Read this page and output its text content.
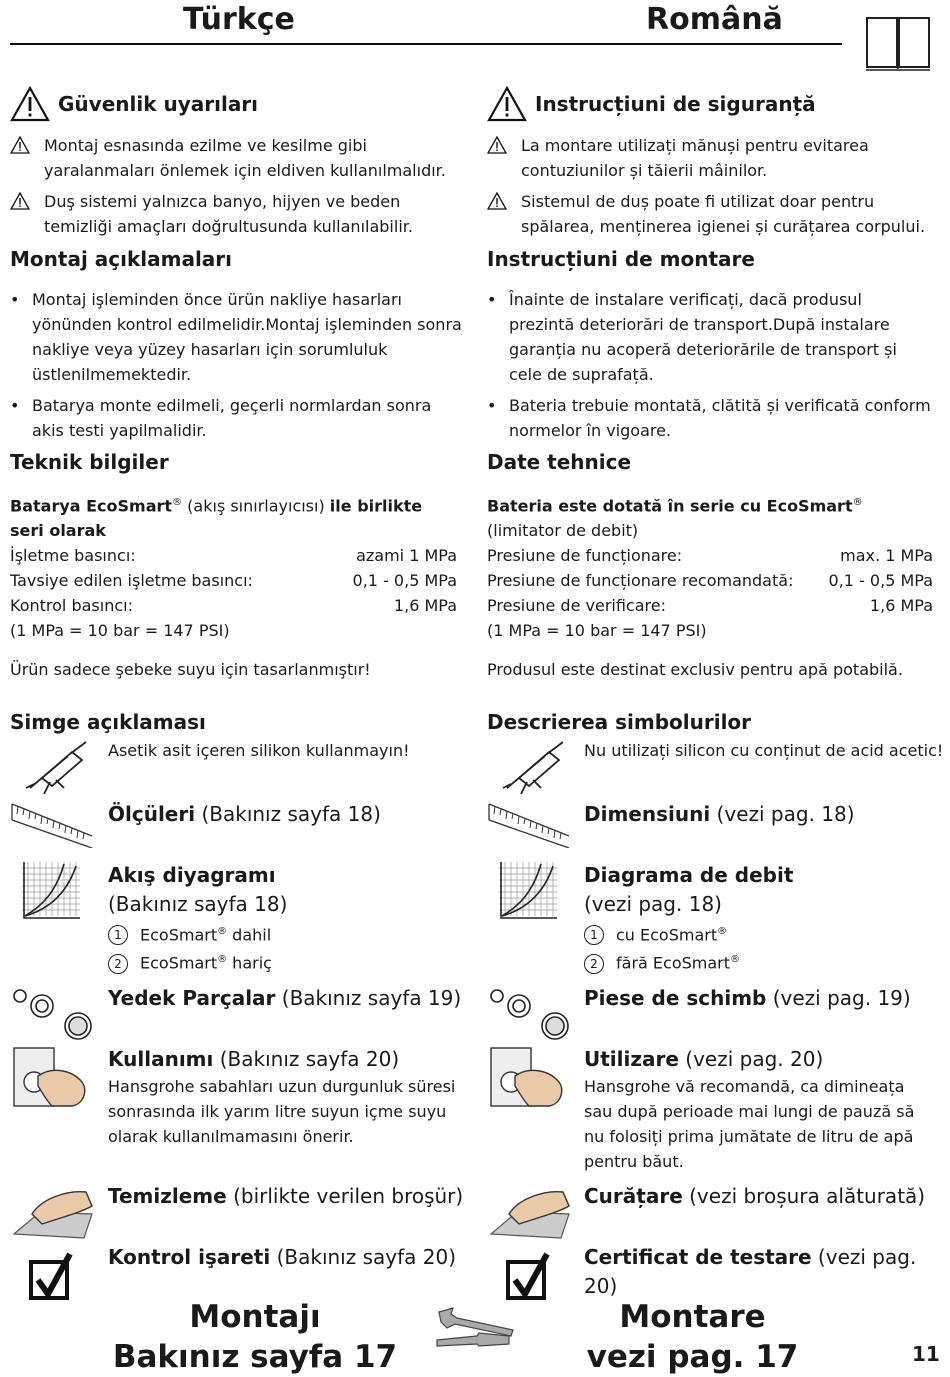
Türkçe	Română
Güvenlik uyarıları
Montaj esnasında ezilme ve kesilme gibi yaralanmaları önlemek için eldiven kullanılmalıdır.
Duş sistemi yalnızca banyo, hijyen ve beden temizliği amaçları doğrultusunda kullanılabilir.
Montaj açıklamaları
• Montaj işleminden önce ürün nakliye hasarları yönünden kontrol edilmelidir.Montaj işleminden sonra nakliye veya yüzey hasarları için sorumluluk üstlenilmemektedir.
• Batarya monte edilmeli, geçerli normlardan sonra akis testi yapilmalidir.
Teknik bilgiler
Batarya EcoSmart® (akış sınırlayıcısı) ile birlikte seri olarak
İşletme basıncı:	azami 1 MPa
Tavsiye edilen işletme basıncı:	0,1 - 0,5 MPa
Kontrol basıncı:	1,6 MPa
(1 MPa = 10 bar = 147 PSI)
Ürün sadece şebeke suyu için tasarlanmıştır!
Simge açıklaması
Asetik asit içeren silikon kullanmayın!
Ölçüleri (Bakınız sayfa 18)
Akış diyagramı
(Bakınız sayfa 18)
1 EcoSmart® dahil
2 EcoSmart® hariç
Yedek Parçalar (Bakınız sayfa 19)
Kullanımı (Bakınız sayfa 20)
Hansgrohe sabahları uzun durgunluk süresi sonrasında ilk yarım litre suyun içme suyu olarak kullanılmamasını önerir.
Temizleme (birlikte verilen broşür)
Kontrol işareti (Bakınız sayfa 20)
Montajı
Bakınız sayfa 17
Instrucțiuni de siguranță
La montare utilizați mănuși pentru evitarea contuziunilor și tăierii mâinilor.
Sistemul de duș poate fi utilizat doar pentru spălarea, menținerea igienei și curățarea corpului.
Instrucțiuni de montare
• Înainte de instalare verificați, dacă produsul prezintă deteriorări de transport.După instalare garanția nu acoperă deteriorările de transport și cele de suprafață.
• Bateria trebuie montată, clătită și verificată conform normelor în vigoare.
Date tehnice
Bateria este dotată în serie cu EcoSmart®
(limitator de debit)
Presiune de funcționare:	max. 1 MPa
Presiune de funcționare recomandată: 0,1 - 0,5 MPa
Presiune de verificare:	1,6 MPa
(1 MPa = 10 bar = 147 PSI)
Produsul este destinat exclusiv pentru apă potabilă.
Descrierea simbolurilor
Nu utilizați silicon cu conținut de acid acetic!
Dimensiuni (vezi pag. 18)
Diagrama de debit
(vezi pag. 18)
1 cu EcoSmart®
2 fără EcoSmart®
Piese de schimb (vezi pag. 19)
Utilizare (vezi pag. 20)
Hansgrohe vă recomandă, ca dimineața sau după perioade mai lungi de pauză să nu folosiți prima jumătate de litru de apă pentru băut.
Curățare (vezi broșura alăturată)
Certificat de testare (vezi pag. 20)
Montare
vezi pag. 17	11
